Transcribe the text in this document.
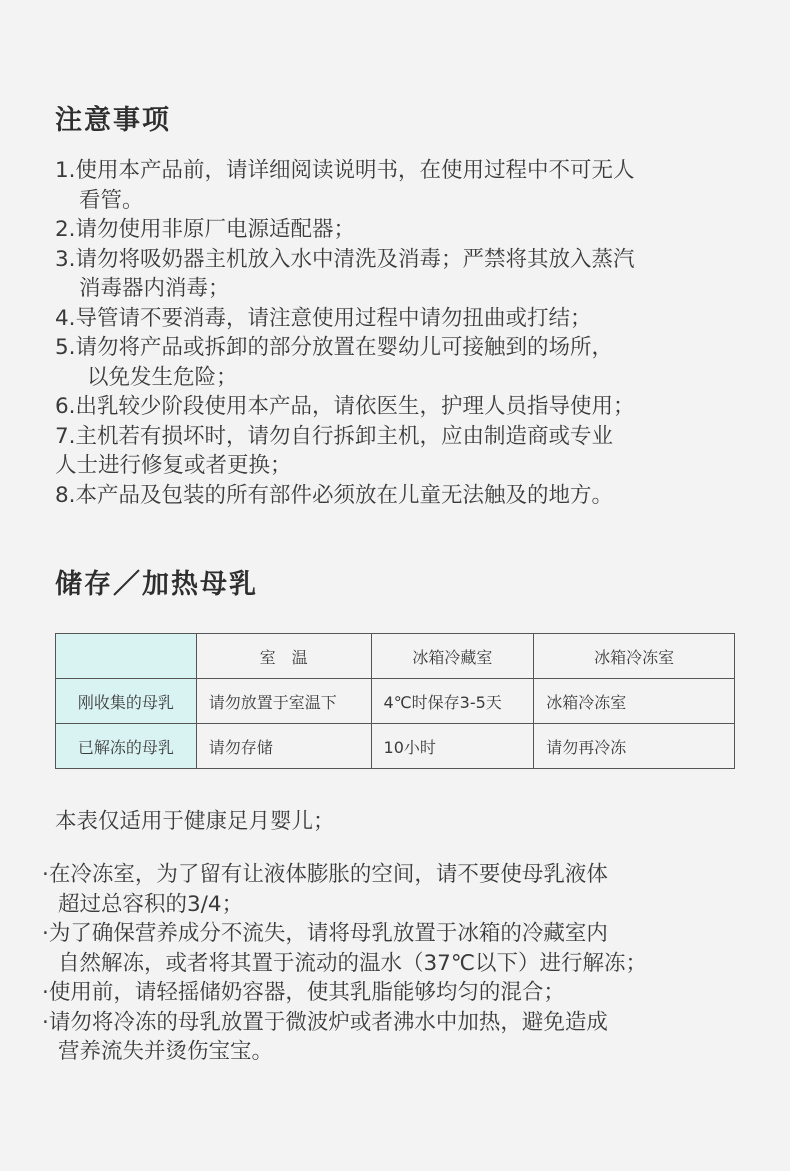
注意事项
1.使用本产品前，请详细阅读说明书，在使用过程中不可无人
看管。
2.请勿使用非原厂电源适配器；
3.请勿将吸奶器主机放入水中清洗及消毒；严禁将其放入蒸汽
消毒器内消毒；
4.导管请不要消毒，请注意使用过程中请勿扭曲或打结；
5.请勿将产品或拆卸的部分放置在婴幼儿可接触到的场所，
以免发生危险；
6.出乳较少阶段使用本产品，请依医生，护理人员指导使用；
7.主机若有损坏时，请勿自行拆卸主机，应由制造商或专业
人士进行修复或者更换；
8.本产品及包装的所有部件必须放在儿童无法触及的地方。
储存／加热母乳
	室　温	冰箱冷藏室	冰箱冷冻室
刚收集的母乳	请勿放置于室温下	4℃时保存3-5天	冰箱冷冻室
已解冻的母乳	请勿存储	10小时	请勿再冷冻

本表仅适用于健康足月婴儿；

·在冷冻室，为了留有让液体膨胀的空间，请不要使母乳液体
超过总容积的3/4；
·为了确保营养成分不流失，请将母乳放置于冰箱的冷藏室内
自然解冻，或者将其置于流动的温水（37℃以下）进行解冻；
·使用前，请轻摇储奶容器，使其乳脂能够均匀的混合；
·请勿将冷冻的母乳放置于微波炉或者沸水中加热，避免造成
营养流失并烫伤宝宝。
